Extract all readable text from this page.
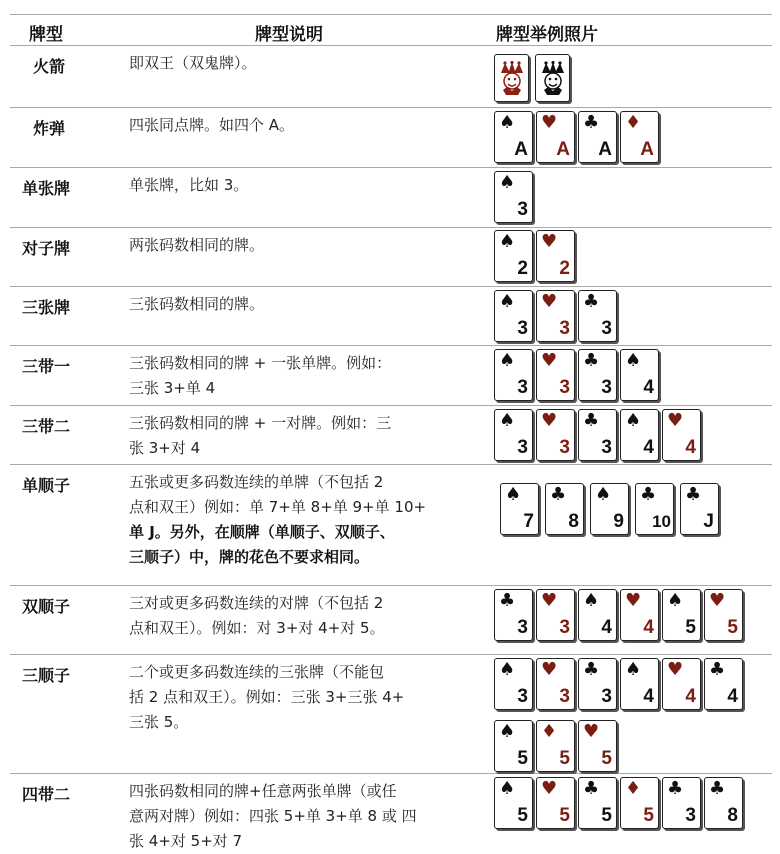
牌型	牌型说明	牌型举例照片
火箭
炸弹
单张牌
对子牌
三张牌
三带一
三带二
单顺子
双顺子
三顺子
四带二
即双王（双鬼牌）。
四张同点牌。如四个 A。
单张牌，比如 3。
两张码数相同的牌。
三张码数相同的牌。
三张码数相同的牌 + 一张单牌。例如：
三张 3+单 4
三张码数相同的牌 + 一对牌。例如：三
张 3+对 4
五张或更多码数连续的单牌（不包括 2
点和双王）例如：单 7+单 8+单 9+单 10+
单 J。另外，在顺牌（单顺子、双顺子、
三顺子）中，牌的花色不要求相同。
三对或更多码数连续的对牌（不包括 2
点和双王）。例如：对 3+对 4+对 5。
二个或更多码数连续的三张牌（不能包
括 2 点和双王）。例如：三张 3+三张 4+
三张 5。
四张码数相同的牌+任意两张单牌（或任
意两对牌）例如：四张 5+单 3+单 8 或 四
张 4+对 5+对 7
♠
A
♥
A
♣
A
♦
A
♠
3
♠
2
♥
2
♠
3
♥
3
♣
3
♠
3
♥
3
♣
3
♠
4
♠
3
♥
3
♣
3
♠
4
♥
4
♠
7
♣
8
♠
9
♣
10
♣
J
♣
3
♥
3
♠
4
♥
4
♠
5
♥
5
♠
3
♥
3
♣
3
♠
4
♥
4
♣
4
♠
5
♦
5
♥
5
♠
5
♥
5
♣
5
♦
5
♣
3
♣
8
